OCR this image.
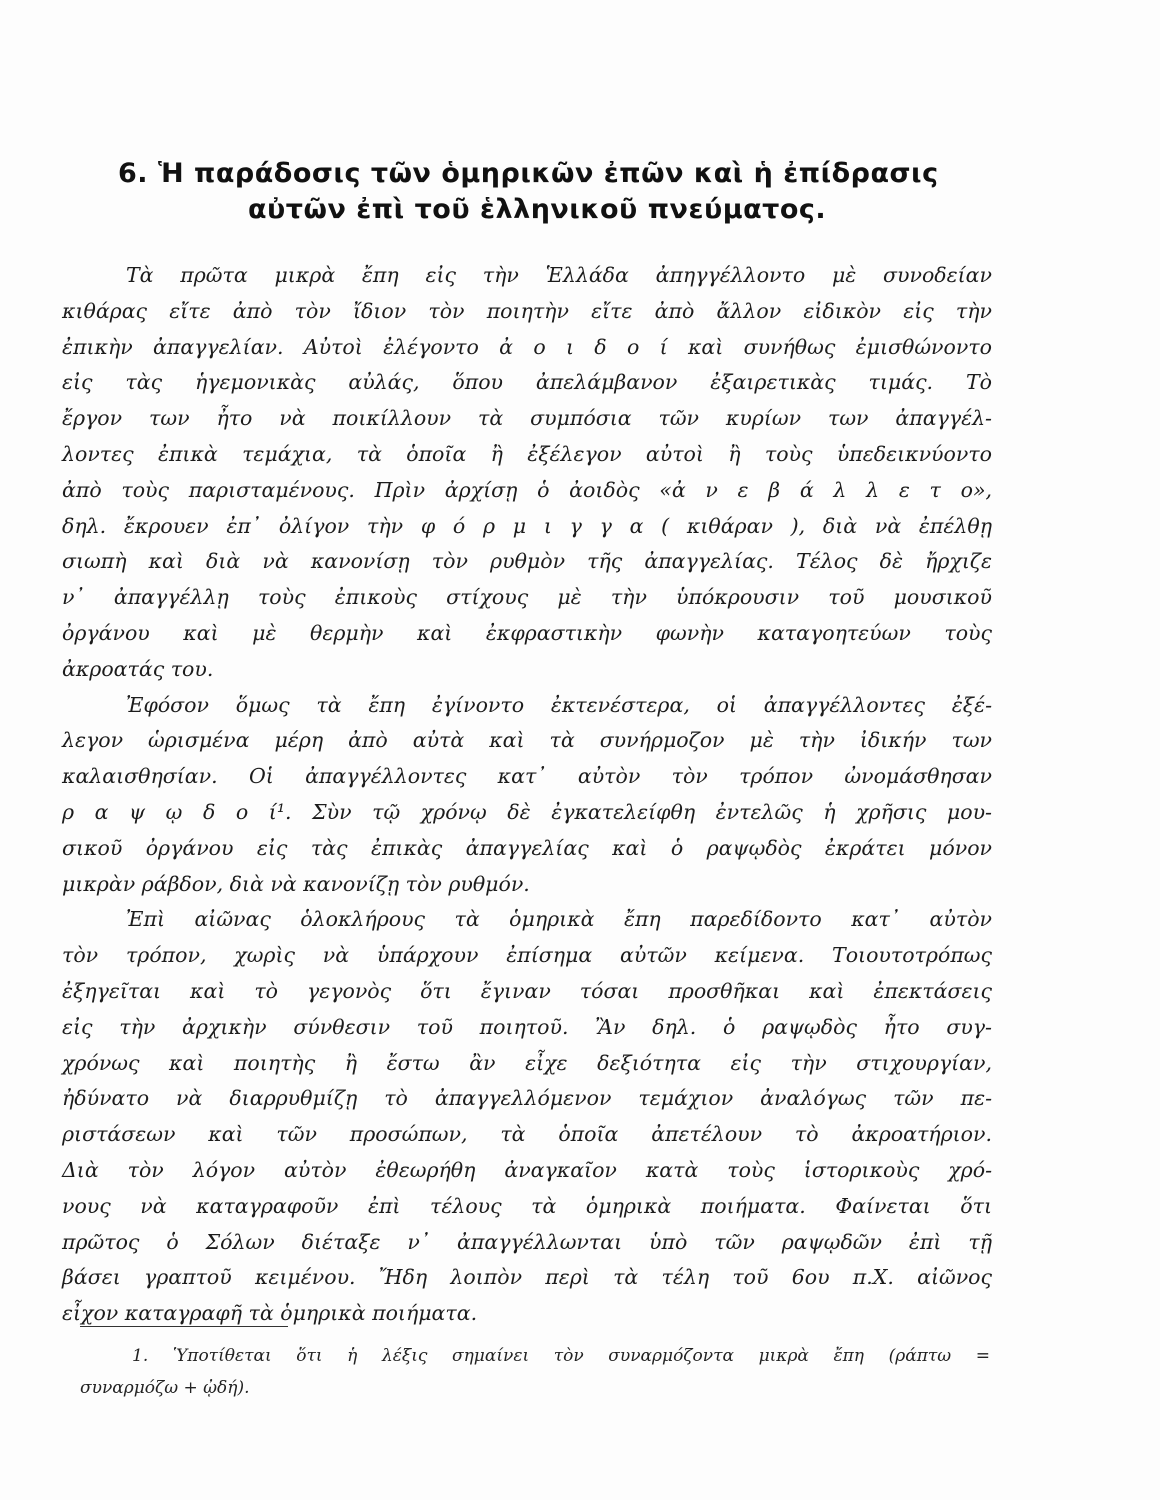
6. Ἡ παράδοσις τῶν ὁμηρικῶν ἐπῶν καὶ ἡ ἐπίδρασις
αὐτῶν ἐπὶ τοῦ ἑλληνικοῦ πνεύματος.
Τὰ πρῶτα μικρὰ ἔπη εἰς τὴν Ἑλλάδα ἀπηγγέλλοντο μὲ συνοδείαν
κιθάρας εἴτε ἀπὸ τὸν ἴδιον τὸν ποιητὴν εἴτε ἀπὸ ἄλλον εἰδικὸν εἰς τὴν
ἐπικὴν ἀπαγγελίαν. Αὐτοὶ ἐλέγοντο ἀ ο ι δ ο ί καὶ συνήθως ἐμισθώνοντο
εἰς τὰς ἡγεμονικὰς αὐλάς, ὅπου ἀπελάμβανον ἐξαιρετικὰς τιμάς. Τὸ
ἔργον των ἦτο νὰ ποικίλλουν τὰ συμπόσια τῶν κυρίων των ἀπαγγέλ-
λοντες ἐπικὰ τεμάχια, τὰ ὁποῖα ἢ ἐξέλεγον αὐτοὶ ἢ τοὺς ὑπεδεικνύοντο
ἀπὸ τοὺς παρισταμένους. Πρὶν ἀρχίσῃ ὁ ἀοιδὸς «ἀ ν ε β ά λ λ ε τ ο»,
δηλ. ἔκρουεν ἐπ᾽ ὀλίγον τὴν φ ό ρ μ ι γ γ α ( κιθάραν ), διὰ νὰ ἐπέλθῃ
σιωπὴ καὶ διὰ νὰ κανονίσῃ τὸν ρυθμὸν τῆς ἀπαγγελίας. Τέλος δὲ ἤρχιζε
ν᾽ ἀπαγγέλλῃ τοὺς ἐπικοὺς στίχους μὲ τὴν ὑπόκρουσιν τοῦ μουσικοῦ
ὀργάνου καὶ μὲ θερμὴν καὶ ἐκφραστικὴν φωνὴν καταγοητεύων τοὺς
ἀκροατάς του.
Ἐφόσον ὅμως τὰ ἔπη ἐγίνοντο ἐκτενέστερα, οἱ ἀπαγγέλλοντες ἐξέ-
λεγον ὡρισμένα μέρη ἀπὸ αὐτὰ καὶ τὰ συνήρμοζον μὲ τὴν ἰδικήν των
καλαισθησίαν. Οἱ ἀπαγγέλλοντες κατ᾽ αὐτὸν τὸν τρόπον ὠνομάσθησαν
ρ α ψ ῳ δ ο ί¹. Σὺν τῷ χρόνῳ δὲ ἐγκατελείφθη ἐντελῶς ἡ χρῆσις μου-
σικοῦ ὀργάνου εἰς τὰς ἐπικὰς ἀπαγγελίας καὶ ὁ ραψῳδὸς ἐκράτει μόνον
μικρὰν ράβδον, διὰ νὰ κανονίζῃ τὸν ρυθμόν.
Ἐπὶ αἰῶνας ὁλοκλήρους τὰ ὁμηρικὰ ἔπη παρεδίδοντο κατ᾽ αὐτὸν
τὸν τρόπον, χωρὶς νὰ ὑπάρχουν ἐπίσημα αὐτῶν κείμενα. Τοιουτοτρόπως
ἐξηγεῖται καὶ τὸ γεγονὸς ὅτι ἔγιναν τόσαι προσθῆκαι καὶ ἐπεκτάσεις
εἰς τὴν ἀρχικὴν σύνθεσιν τοῦ ποιητοῦ. Ἂν δηλ. ὁ ραψῳδὸς ἦτο συγ-
χρόνως καὶ ποιητὴς ἢ ἔστω ἂν εἶχε δεξιότητα εἰς τὴν στιχουργίαν,
ἠδύνατο νὰ διαρρυθμίζῃ τὸ ἀπαγγελλόμενον τεμάχιον ἀναλόγως τῶν πε-
ριστάσεων καὶ τῶν προσώπων, τὰ ὁποῖα ἀπετέλουν τὸ ἀκροατήριον.
Διὰ τὸν λόγον αὐτὸν ἐθεωρήθη ἀναγκαῖον κατὰ τοὺς ἱστορικοὺς χρό-
νους νὰ καταγραφοῦν ἐπὶ τέλους τὰ ὁμηρικὰ ποιήματα. Φαίνεται ὅτι
πρῶτος ὁ Σόλων διέταξε ν᾽ ἀπαγγέλλωνται ὑπὸ τῶν ραψῳδῶν ἐπὶ τῇ
βάσει γραπτοῦ κειμένου. Ἤδη λοιπὸν περὶ τὰ τέλη τοῦ 6ου π.Χ. αἰῶνος
εἶχον καταγραφῆ τὰ ὁμηρικὰ ποιήματα.
1. Ὑποτίθεται ὅτι ἡ λέξις σημαίνει τὸν συναρμόζοντα μικρὰ ἔπη (ράπτω =
συναρμόζω + ᾠδή).
